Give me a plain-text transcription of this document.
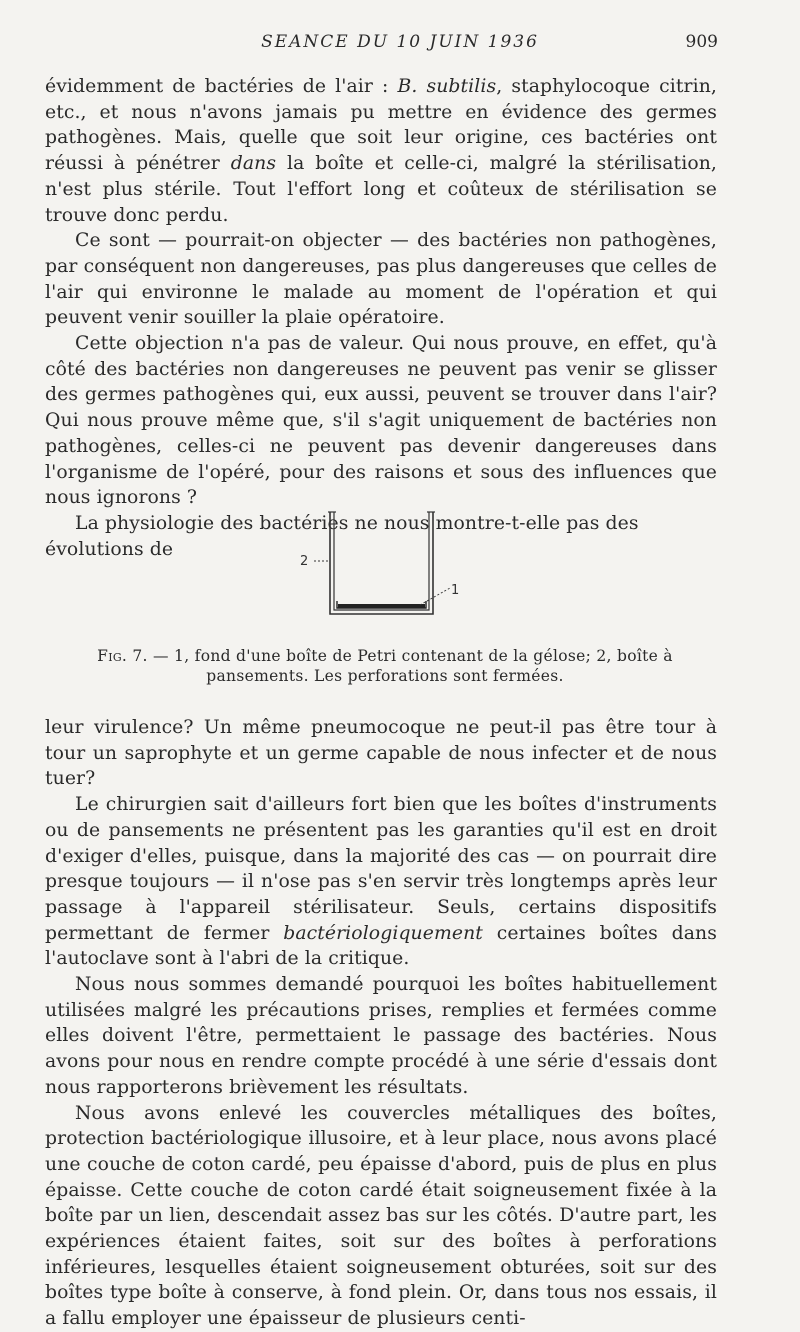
SEANCE DU 10 JUIN 1936	909

évidemment de bactéries de l'air : B. subtilis, staphylocoque citrin, etc., et nous n'avons jamais pu mettre en évidence des germes pathogènes. Mais, quelle que soit leur origine, ces bactéries ont réussi à pénétrer dans la boîte et celle-ci, malgré la stérilisation, n'est plus stérile. Tout l'effort long et coûteux de stérilisation se trouve donc perdu.

Ce sont — pourrait-on objecter — des bactéries non pathogènes, par conséquent non dangereuses, pas plus dangereuses que celles de l'air qui environne le malade au moment de l'opération et qui peuvent venir souiller la plaie opératoire.

Cette objection n'a pas de valeur. Qui nous prouve, en effet, qu'à côté des bactéries non dangereuses ne peuvent pas venir se glisser des germes pathogènes qui, eux aussi, peuvent se trouver dans l'air? Qui nous prouve même que, s'il s'agit uniquement de bactéries non pathogènes, celles-ci ne peuvent pas devenir dangereuses dans l'organisme de l'opéré, pour des raisons et sous des influences que nous ignorons ?

La physiologie des bactéries ne nous montre-t-elle pas des évolutions de

2
1
Fig. 7. — 1, fond d'une boîte de Petri contenant de la gélose; 2, boîte à pansements. Les perforations sont fermées.

leur virulence? Un même pneumocoque ne peut-il pas être tour à tour un saprophyte et un germe capable de nous infecter et de nous tuer?

Le chirurgien sait d'ailleurs fort bien que les boîtes d'instruments ou de pansements ne présentent pas les garanties qu'il est en droit d'exiger d'elles, puisque, dans la majorité des cas — on pourrait dire presque toujours — il n'ose pas s'en servir très longtemps après leur passage à l'appareil stérilisateur. Seuls, certains dispositifs permettant de fermer bactériologiquement certaines boîtes dans l'autoclave sont à l'abri de la critique.

Nous nous sommes demandé pourquoi les boîtes habituellement utilisées malgré les précautions prises, remplies et fermées comme elles doivent l'être, permettaient le passage des bactéries. Nous avons pour nous en rendre compte procédé à une série d'essais dont nous rapporterons brièvement les résultats.

Nous avons enlevé les couvercles métalliques des boîtes, protection bactériologique illusoire, et à leur place, nous avons placé une couche de coton cardé, peu épaisse d'abord, puis de plus en plus épaisse. Cette couche de coton cardé était soigneusement fixée à la boîte par un lien, descendait assez bas sur les côtés. D'autre part, les expériences étaient faites, soit sur des boîtes à perforations inférieures, lesquelles étaient soigneusement obturées, soit sur des boîtes type boîte à conserve, à fond plein. Or, dans tous nos essais, il a fallu employer une épaisseur de plusieurs centi-
